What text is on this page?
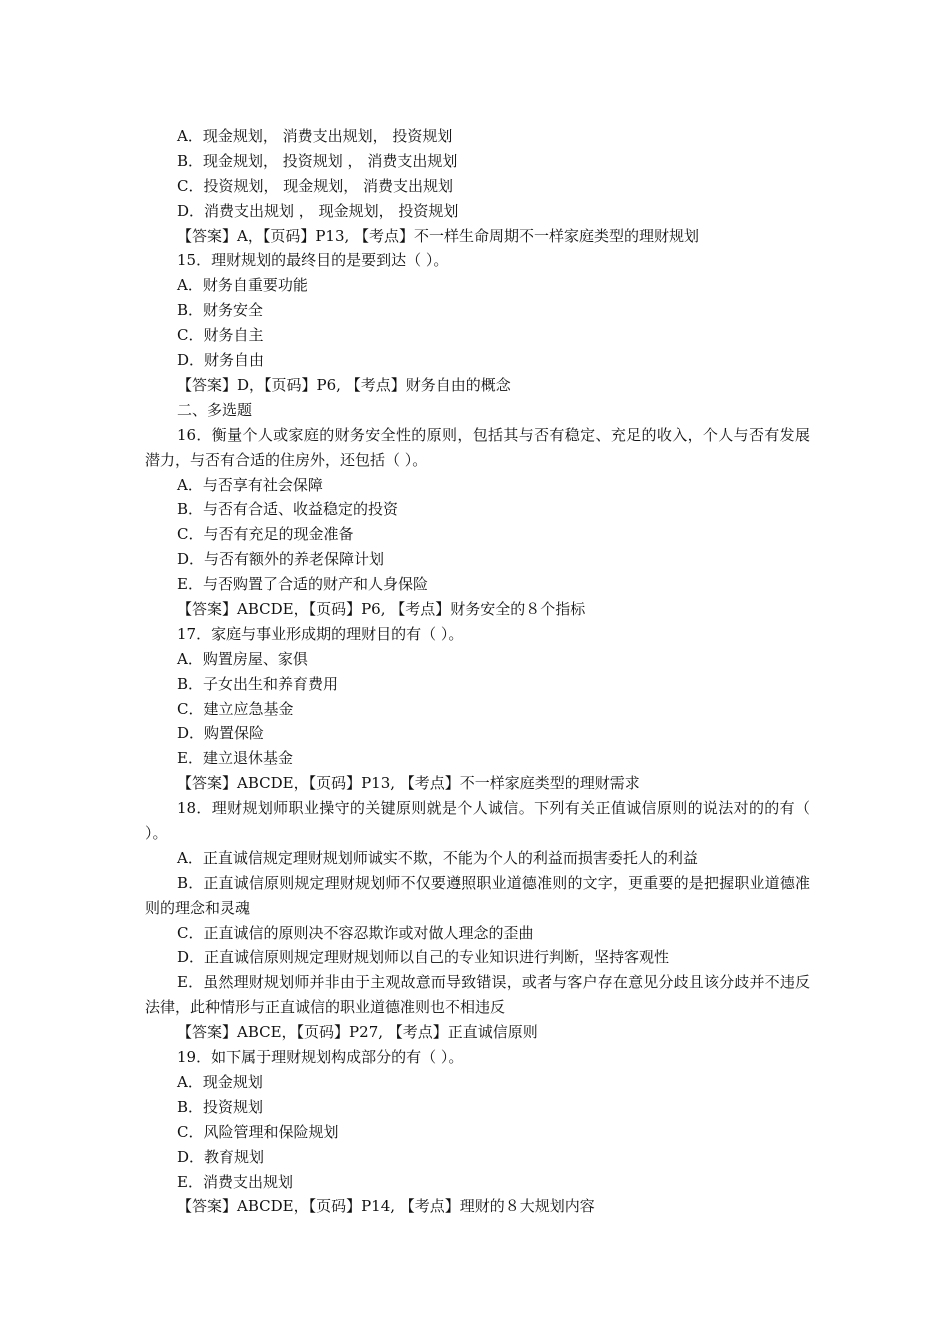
A．现金规划， 消费支出规划， 投资规划
B．现金规划， 投资规划 ， 消费支出规划
C．投资规划， 现金规划， 消费支出规划
D．消费支出规划 ， 现金规划， 投资规划
【答案】A，【页码】P13, 【考点】不一样生命周期不一样家庭类型的理财规划
15．理财规划的最终目的是要到达（ ）。
A．财务自重要功能
B．财务安全
C．财务自主
D．财务自由
【答案】D，【页码】P6, 【考点】财务自由的概念
二、多选题
16．衡量个人或家庭的财务安全性的原则，包括其与否有稳定、充足的收入，个人与否有发展潜力，与否有合适的住房外，还包括（ ）。
A．与否享有社会保障
B．与否有合适、收益稳定的投资
C．与否有充足的现金准备
D．与否有额外的养老保障计划
E．与否购置了合适的财产和人身保险
【答案】ABCDE，【页码】P6, 【考点】财务安全的８个指标
17．家庭与事业形成期的理财目的有（ ）。
A．购置房屋、家俱
B．子女出生和养育费用
C．建立应急基金
D．购置保险
E．建立退休基金
【答案】ABCDE，【页码】P13, 【考点】不一样家庭类型的理财需求
18．理财规划师职业操守的关键原则就是个人诚信。下列有关正值诚信原则的说法对的的有（ ）。
A．正直诚信规定理财规划师诚实不欺，不能为个人的利益而损害委托人的利益
B．正直诚信原则规定理财规划师不仅要遵照职业道德准则的文字，更重要的是把握职业道德准则的理念和灵魂
C．正直诚信的原则决不容忍欺诈或对做人理念的歪曲
D．正直诚信原则规定理财规划师以自己的专业知识进行判断，坚持客观性
E．虽然理财规划师并非由于主观故意而导致错误，或者与客户存在意见分歧且该分歧并不违反法律，此种情形与正直诚信的职业道德准则也不相违反
【答案】ABCE，【页码】P27, 【考点】正直诚信原则
19．如下属于理财规划构成部分的有（ ）。
A．现金规划
B．投资规划
C．风险管理和保险规划
D．教育规划
E．消费支出规划
【答案】ABCDE，【页码】P14, 【考点】理财的８大规划内容
